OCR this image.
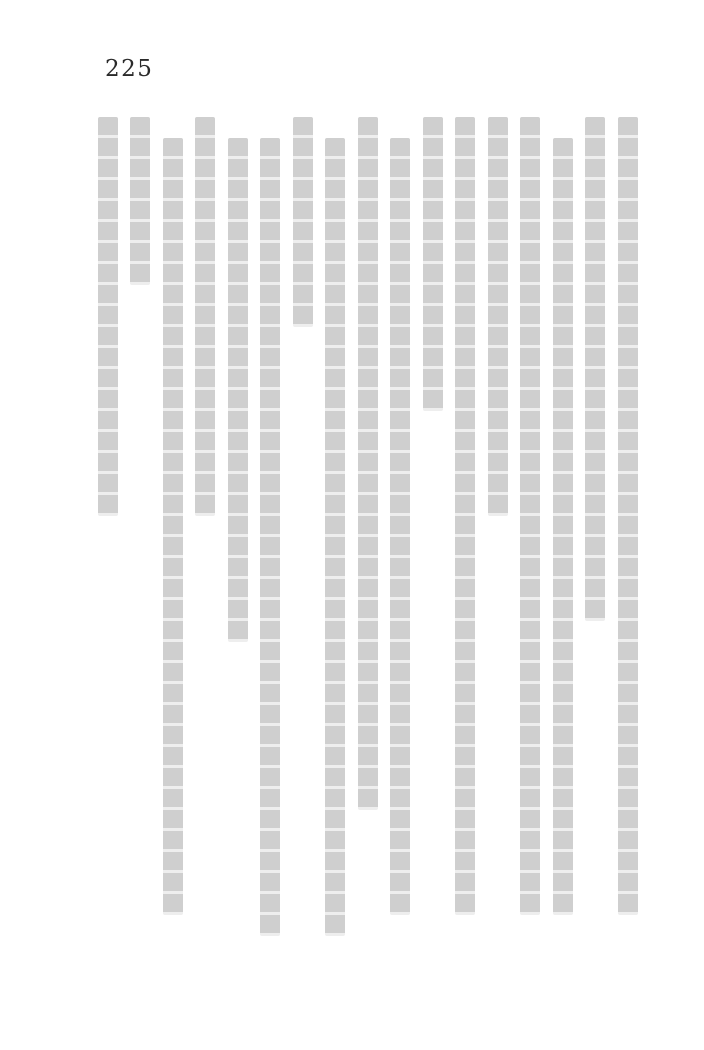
225
